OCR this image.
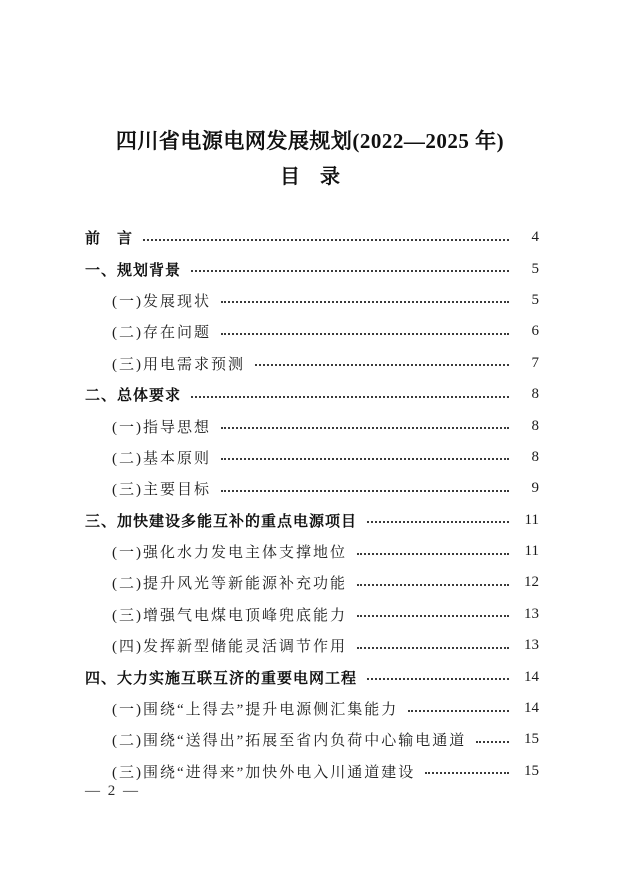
四川省电源电网发展规划(2022—2025 年)
目　录
前　言	4
一、规划背景	5
(一)发展现状	5
(二)存在问题	6
(三)用电需求预测	7
二、总体要求	8
(一)指导思想	8
(二)基本原则	8
(三)主要目标	9
三、加快建设多能互补的重点电源项目	11
(一)强化水力发电主体支撑地位	11
(二)提升风光等新能源补充功能	12
(三)增强气电煤电顶峰兜底能力	13
(四)发挥新型储能灵活调节作用	13
四、大力实施互联互济的重要电网工程	14
(一)围绕“上得去”提升电源侧汇集能力	14
(二)围绕“送得出”拓展至省内负荷中心输电通道	15
(三)围绕“进得来”加快外电入川通道建设	15
— 2 —
